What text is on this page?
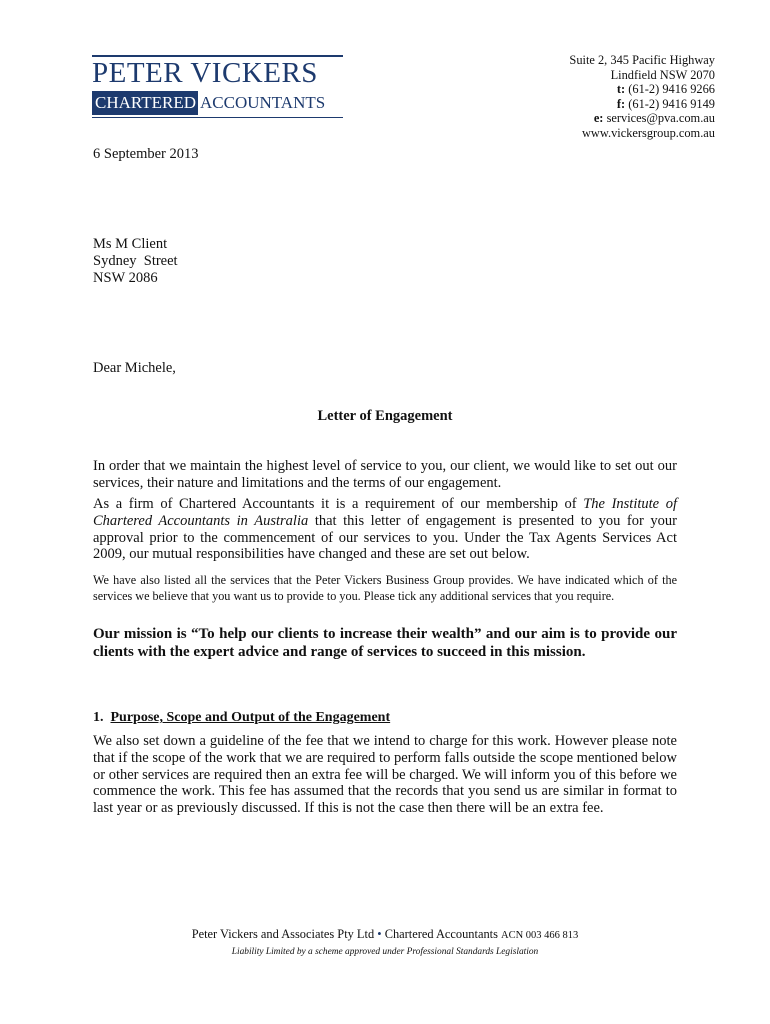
PETER VICKERS
CHARTERED ACCOUNTANTS
Suite 2, 345 Pacific Highway
Lindfield NSW 2070
t: (61-2) 9416 9266
f: (61-2) 9416 9149
e: services@pva.com.au
www.vickersgroup.com.au
6 September 2013
Ms M Client
Sydney  Street
NSW 2086
Dear Michele,
Letter of Engagement

In order that we maintain the highest level of service to you, our client, we would like to set out our services, their nature and limitations and the terms of our engagement.

As a firm of Chartered Accountants it is a requirement of our membership of The Institute of Chartered Accountants in Australia that this letter of engagement is presented to you for your approval prior to the commencement of our services to you. Under the Tax Agents Services Act 2009, our mutual responsibilities have changed and these are set out below.

We have also listed all the services that the Peter Vickers Business Group provides. We have indicated which of the services we believe that you want us to provide to you. Please tick any additional services that you require.

Our mission is “To help our clients to increase their wealth” and our aim is to provide our clients with the expert advice and range of services to succeed in this mission.

1. Purpose, Scope and Output of the Engagement

We also set down a guideline of the fee that we intend to charge for this work. However please note that if the scope of the work that we are required to perform falls outside the scope mentioned below or other services are required then an extra fee will be charged. We will inform you of this before we commence the work. This fee has assumed that the records that you send us are similar in format to last year or as previously discussed. If this is not the case then there will be an extra fee.

Peter Vickers and Associates Pty Ltd • Chartered Accountants ACN 003 466 813
Liability Limited by a scheme approved under Professional Standards Legislation
